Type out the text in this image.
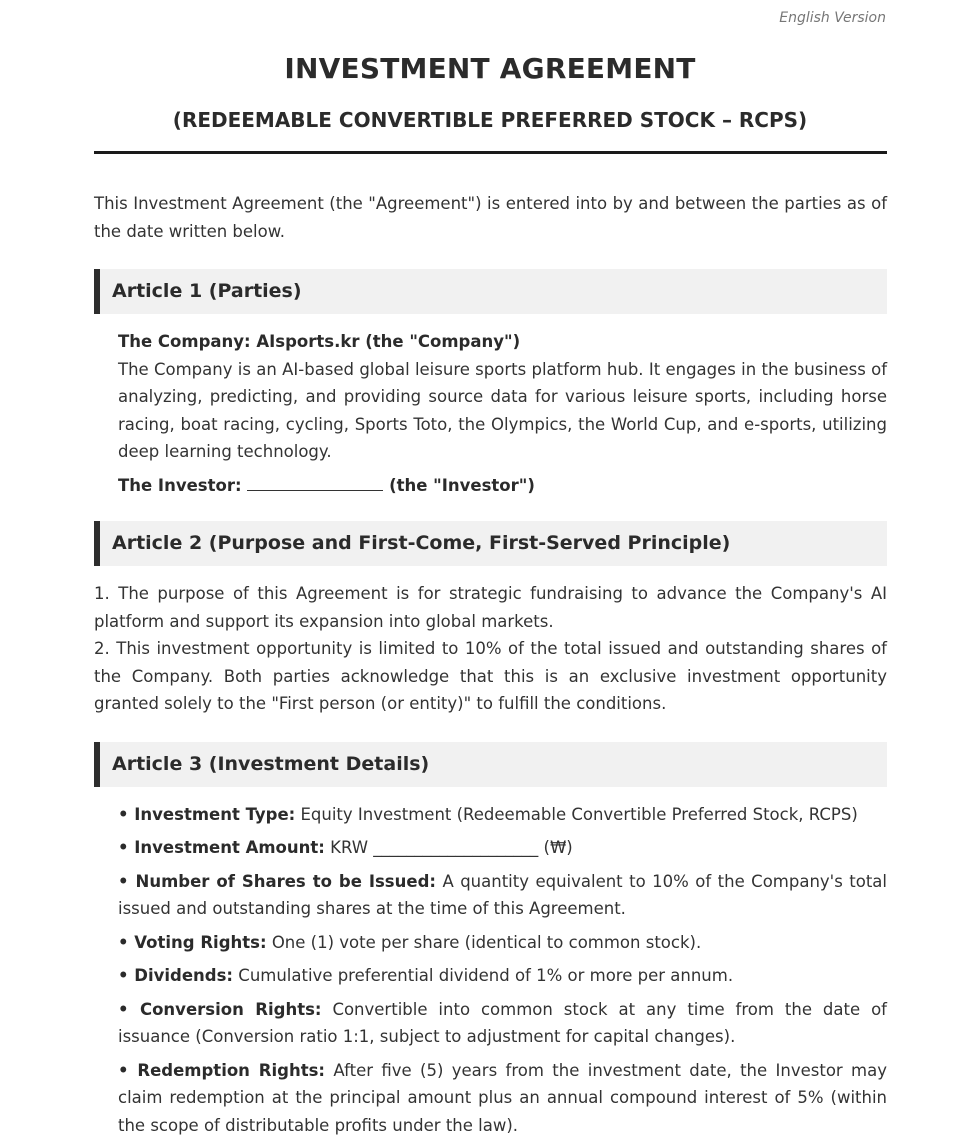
English Version
INVESTMENT AGREEMENT
(REDEEMABLE CONVERTIBLE PREFERRED STOCK – RCPS)

This Investment Agreement (the "Agreement") is entered into by and between the parties as of the date written below.

Article 1 (Parties)

The Company: AIsports.kr (the "Company")

The Company is an AI-based global leisure sports platform hub. It engages in the business of analyzing, predicting, and providing source data for various leisure sports, including horse racing, boat racing, cycling, Sports Toto, the Olympics, the World Cup, and e-sports, utilizing deep learning technology.

The Investor:	(the "Investor")

Article 2 (Purpose and First-Come, First-Served Principle)

1. The purpose of this Agreement is for strategic fundraising to advance the Company's AI platform and support its expansion into global markets.

2. This investment opportunity is limited to 10% of the total issued and outstanding shares of the Company. Both parties acknowledge that this is an exclusive investment opportunity granted solely to the "First person (or entity)" to fulfill the conditions.

Article 3 (Investment Details)

• Investment Type: Equity Investment (Redeemable Convertible Preferred Stock, RCPS)

• Investment Amount: KRW ____________________ (₩)

• Number of Shares to be Issued: A quantity equivalent to 10% of the Company's total issued and outstanding shares at the time of this Agreement.

• Voting Rights: One (1) vote per share (identical to common stock).

• Dividends: Cumulative preferential dividend of 1% or more per annum.

• Conversion Rights: Convertible into common stock at any time from the date of issuance (Conversion ratio 1:1, subject to adjustment for capital changes).

• Redemption Rights: After five (5) years from the investment date, the Investor may claim redemption at the principal amount plus an annual compound interest of 5% (within the scope of distributable profits under the law).
